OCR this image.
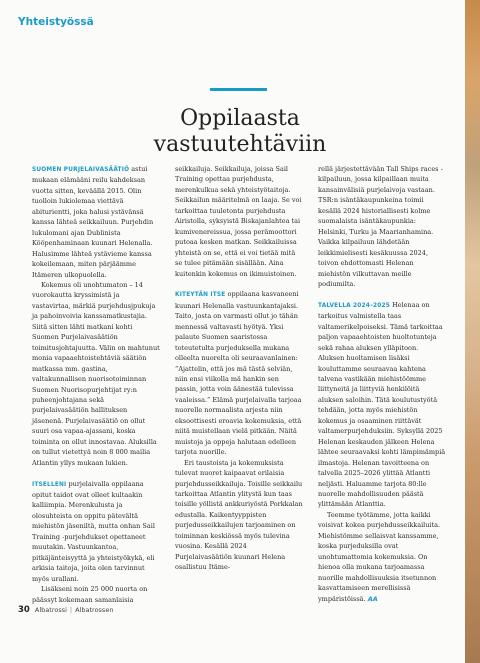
Yhteistyössä
Oppilaasta
vastuutehtäviin

SUOMEN PURJELAIVASÄÄTIÖ astui mukaan elämääni reilu kahdeksan vuotta sitten, keväällä 2015. Olin tuolloin lukiolemaa viettävä abiturientti, joka halusi ystävänsä kanssa lähteä seikkailuun. Purjehdin lukulomani ajan Dublinista Kööpenhaminaan kuunari Helenalla. Halusimme lähteä ystävieme kanssa kokeilemaan, miten pärjäämme Itämeren ulkopuolella.

Kokemus oli unohtumaton – 14 vuorokautta kryssimistä ja vastavirtaa, märkiä purjehdusjpukuja ja pahoinvoivia kanssamatkustajia. Siitä sitten lähti matkani kohti Suomen Purjelaivasäätiön toimitusjohtajuutta. Välin on mahtunut monia vapaaehtoistehtäviä säätiön matkassa mm. gastina, valtakunnallisen nuorisotoiminnan Suomen Nuorisopurjehtijat ry:n puheenjohtajana sekä purjelaivasäätiön hallituksen jäsenenä. Purjelaivasäätiö on ollut suuri osa vapaa-ajassani, koska toiminta on ollut innostavaa. Aluksilla on tullut vietettyä noin 8 000 mailia Atlantin yllys mukaan lukien.

ITSELLENI purjelaivalla oppilaana opitut taidot ovat olleet kultaakin kalliimpia. Merenkulusta ja olosuhteista on oppitu pätevältä miehistön jäseniltä, mutta onhan Sail Training -purjehdukset opettaneet muutakin. Vastuunkantoa, pitkäjänteisyyttä ja yhteistyökykä, eli arkisia taitoja, joita olen tarvinnut myös urallani.

Lisäkseni noin 25 000 nuorta on päässyt kokemaan samanlaisia

seikkailuja. Seikkailuja, joissa Sail Training opettaa purjehdusta, merenkulkua sekä yhteistyötaitoja. Seikkailun määritelmä on laaja. Se voi tarkoittaa tuuletonta purjehdusta Airistolla, syksyistä Biskajanlahtea tai kumivenereissua, jossa perämoottori putoaa kesken matkan. Seikkailuissa yhteistä on se, että ei voi tietää mitä se tulee pitämään sisällään. Aina kuitenkin kokemus on ikimuistoinen.

KITEYTÄN ITSE oppilaana kasvaneeni kuunari Helenalla vastuunkantajaksi. Taito, josta on varmasti ollut jo tähän mennessä valtavasti hyötyä. Yksi palaute Suomen saaristossa toteutetulta purjeduksella mukana olleelta nuorelta oli seuraavanlainen: ”Ajattelin, että jos mä tästä selviän, niin ensi viikolla mä hankin sen passin, jotta voin äänestää tulevissa vaaleissa.” Elämä purjelaivalla tarjoaa nuorelle normaalista arjesta niin eksoottisesti eroavia kokemuksia, että niitä muistellaan vielä pitkään. Näitä muistoja ja oppeja halutaan edelleen tarjota nuorille.

Eri taustoista ja kokemuksista tulevat nuoret kaipaavat erilaisia purjehdusseikkailuja. Toisille seikkailu tarkoittaa Atlantin ylitystä kun taas toisille yöllistä ankkuriyöstä Porkkalan edustalla. Kaikentyyppisten purjedusseikkailujen tarjoaminen on toiminnan keskiössä myös tulevina vuosina. Kesällä 2024 Purjelaivasäätiön kuunari Helena osallistuu Itäme-

rellä järjestettävään Tall Ships races -kilpailuun, jossa kilpaillaan muita kansainvälisiä purjelaivoja vastaan. TSR:n isäntäkaupunkeina toimii kesällä 2024 historiallisesti kolme suomalaista isäntäkaupunkia: Helsinki, Turku ja Maarianhamina. Vaikka kilpailuun lähdetään leikkimielisesti kesäkuussa 2024, toivon ehdottomasti Helenan miehistön vilkuttavan meille podiumilta.

TALVELLA 2024–2025 Helenaa on tarkoitus valmistella taas valtamerikelpoiseksi. Tämä tarkoittaa paljon vapaaehtoisten huoltotunteja sekä rahaa aluksen ylläpitoon. Aluksen huoltamisen lisäksi kouluttamme seuraavaa kahtena talvena vastikään miehistöömme liittyneitä ja liittyviä henkilöitä aluksen saloihin. Tätä koulutustyötä tehdään, jotta myös miehistön kokemus ja osaaminen riittävät valtamerpurjehduksiin. Syksyllä 2025 Helenan keskauden jälkeen Helena lähtee seuraavaksi kohti lämpimämpiä ilmastoja. Helenan tavoitteena on talvella 2025–2026 ylittää Atlantti neljästi. Haluamme tarjota 80:lle nuorelle mahdollisuuden päästä ylittämään Atlanttia.

Teemme työtämme, jotta kaikki voisivat kokea purjehdusseikkailuita. Miehistömme sellaisvat kanssamme, koska purjeduksilla ovat unohtumattomia kokemuksia. On hienoa olla mukana tarjoamassa nuorille mahdollisuuksia itsetunnon kasvattamiseen merellisissä ympäristöissä. AA

30 Albatrossi | Albatrossen
